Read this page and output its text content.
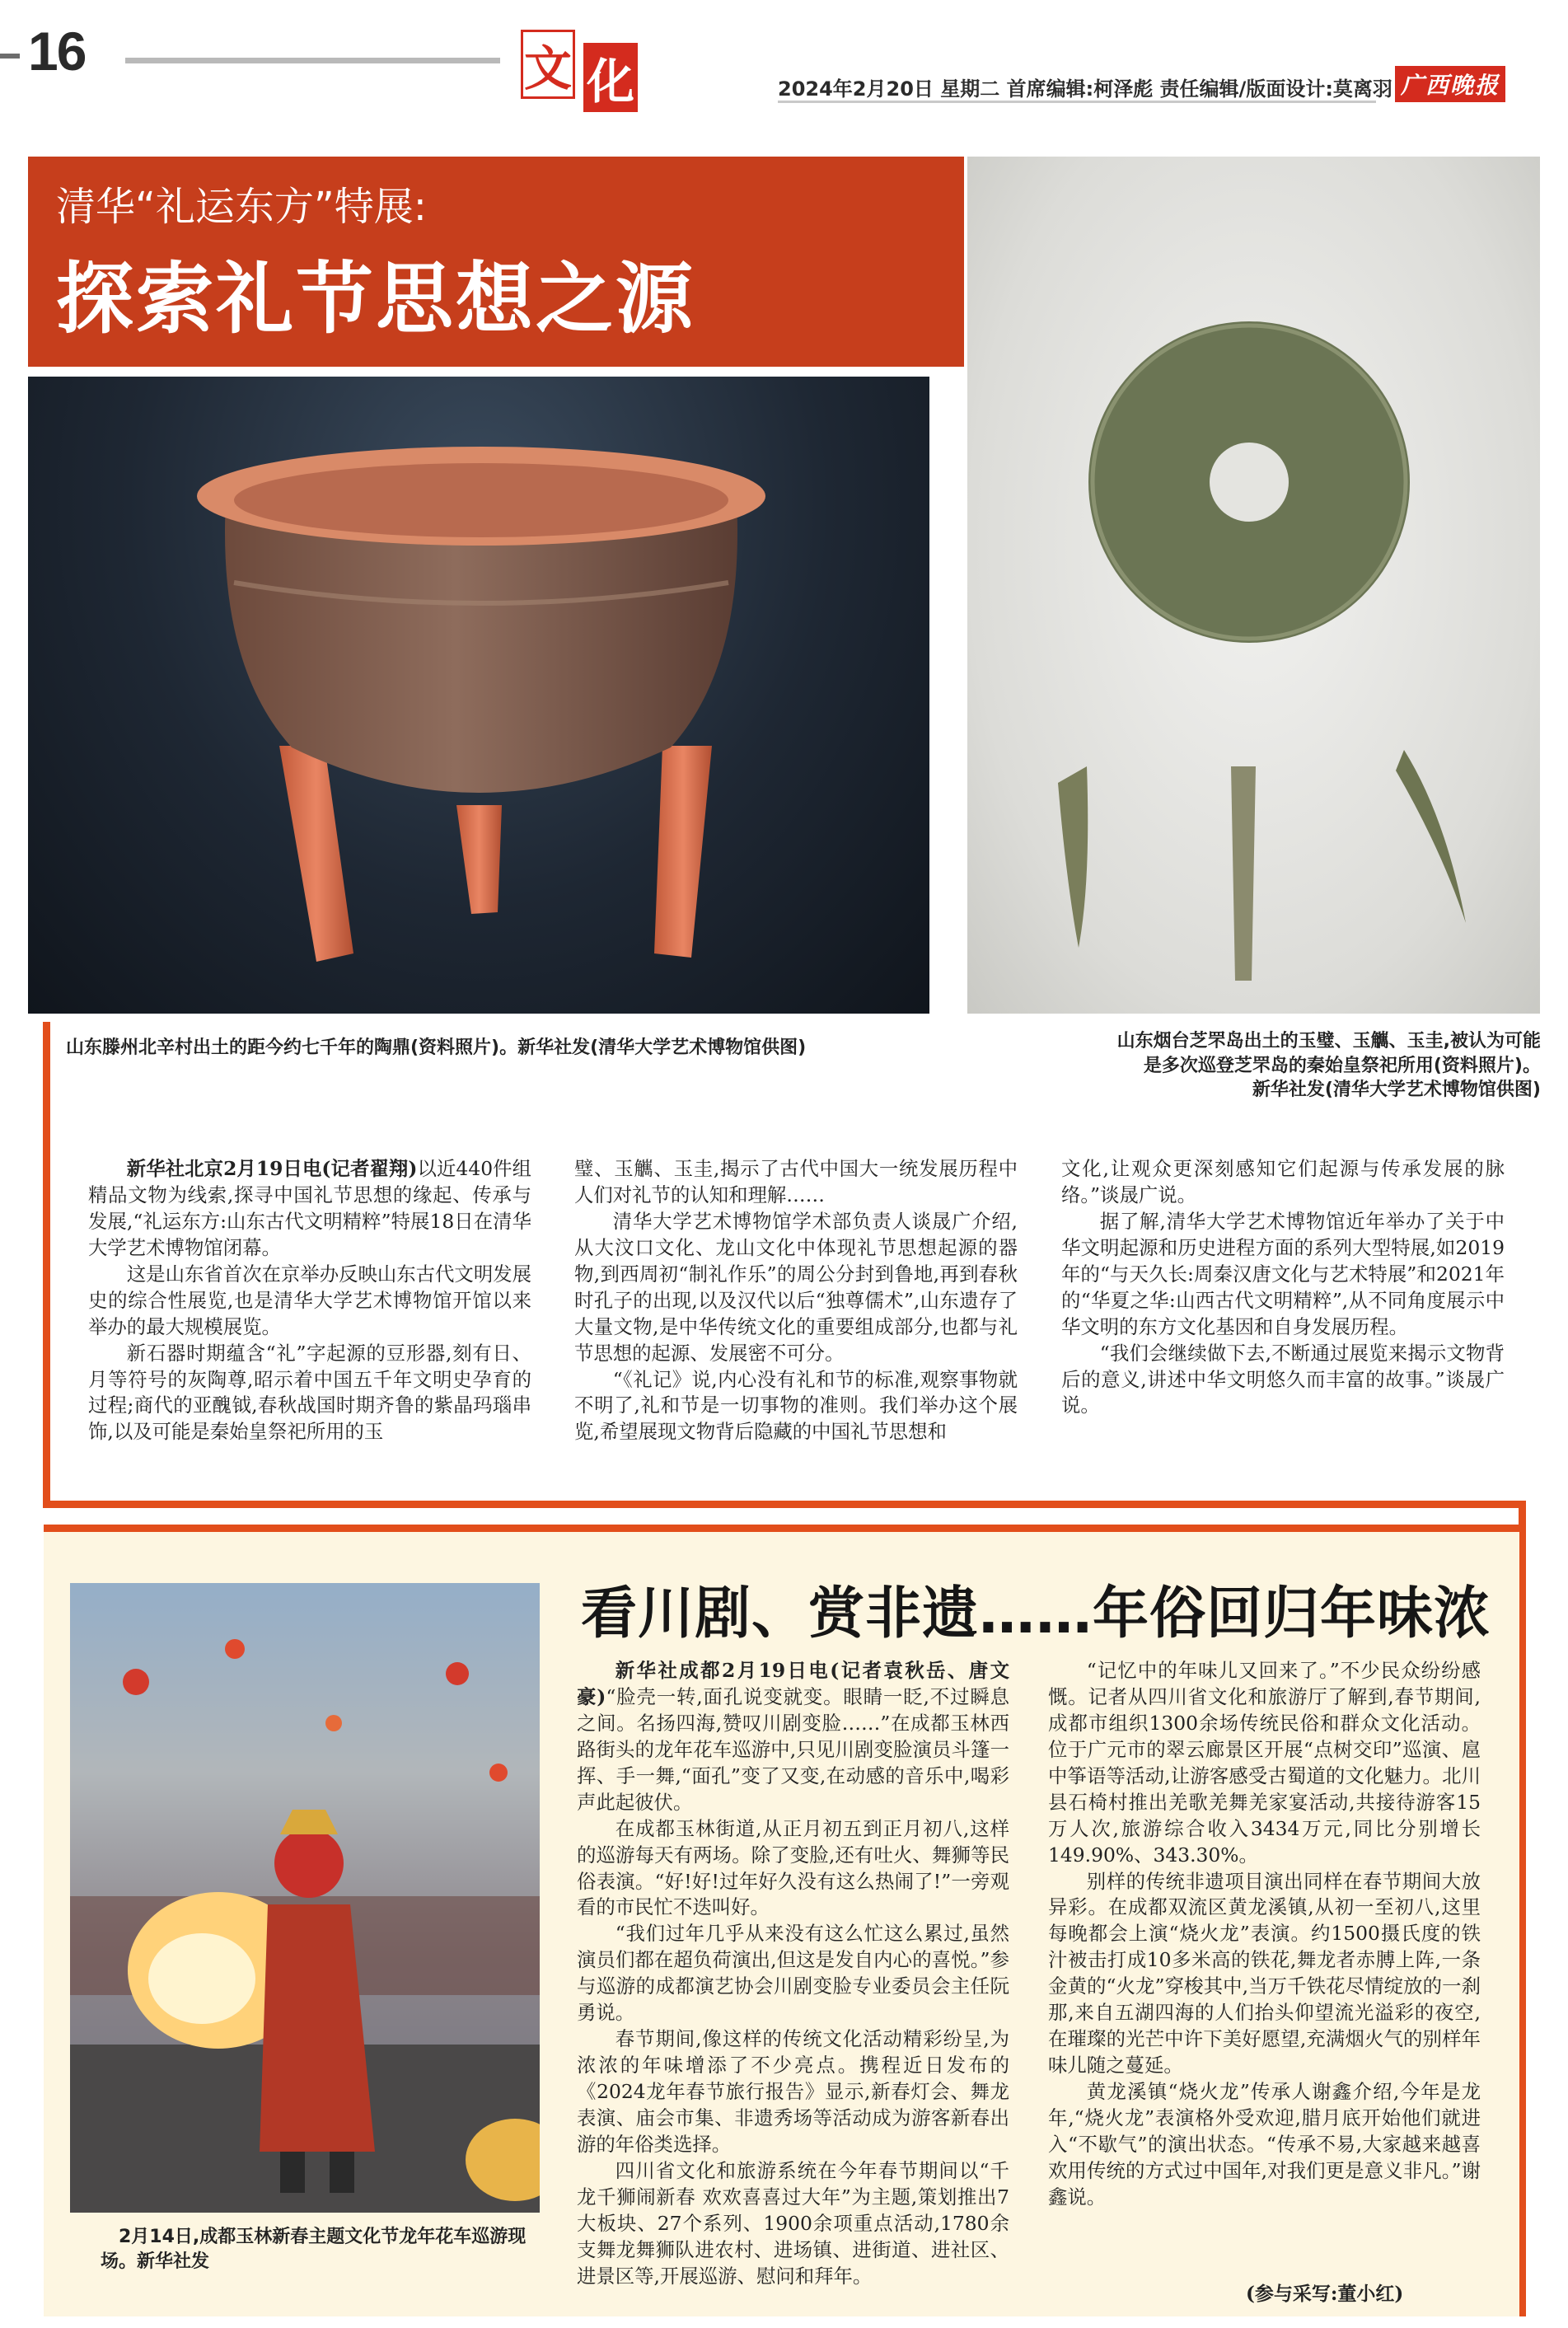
16	文 化	2024年2月20日 星期二 首席编辑:柯泽彪 责任编辑/版面设计:莫离羽 广西晚报
清华“礼运东方”特展:
探索礼节思想之源
山东滕州北辛村出土的距今约七千年的陶鼎(资料照片)。新华社发(清华大学艺术博物馆供图)	山东烟台芝罘岛出土的玉璧、玉觽、玉圭,被认为可能
是多次巡登芝罘岛的秦始皇祭祀所用(资料照片)。
新华社发(清华大学艺术博物馆供图)

新华社北京2月19日电(记者翟翔)以近440件组精品文物为线索,探寻中国礼节思想的缘起、传承与发展,“礼运东方:山东古代文明精粹”特展18日在清华大学艺术博物馆闭幕。

这是山东省首次在京举办反映山东古代文明发展史的综合性展览,也是清华大学艺术博物馆开馆以来举办的最大规模展览。

新石器时期蕴含“礼”字起源的豆形器,刻有日、月等符号的灰陶尊,昭示着中国五千年文明史孕育的过程;商代的亚醜钺,春秋战国时期齐鲁的紫晶玛瑙串饰,以及可能是秦始皇祭祀所用的玉

璧、玉觽、玉圭,揭示了古代中国大一统发展历程中人们对礼节的认知和理解……

清华大学艺术博物馆学术部负责人谈晟广介绍,从大汶口文化、龙山文化中体现礼节思想起源的器物,到西周初“制礼作乐”的周公分封到鲁地,再到春秋时孔子的出现,以及汉代以后“独尊儒术”,山东遗存了大量文物,是中华传统文化的重要组成部分,也都与礼节思想的起源、发展密不可分。

“《礼记》说,内心没有礼和节的标准,观察事物就不明了,礼和节是一切事物的准则。我们举办这个展览,希望展现文物背后隐藏的中国礼节思想和

文化,让观众更深刻感知它们起源与传承发展的脉络。”谈晟广说。

据了解,清华大学艺术博物馆近年举办了关于中华文明起源和历史进程方面的系列大型特展,如2019年的“与天久长:周秦汉唐文化与艺术特展”和2021年的“华夏之华:山西古代文明精粹”,从不同角度展示中华文明的东方文化基因和自身发展历程。

“我们会继续做下去,不断通过展览来揭示文物背后的意义,讲述中华文明悠久而丰富的故事。”谈晟广说。

看川剧、赏非遗……年俗回归年味浓
2月14日,成都玉林新春主题文化节龙年花车巡游现场。新华社发

新华社成都2月19日电(记者袁秋岳、唐文豪)“脸壳一转,面孔说变就变。眼睛一眨,不过瞬息之间。名扬四海,赞叹川剧变脸……”在成都玉林西路街头的龙年花车巡游中,只见川剧变脸演员斗篷一挥、手一舞,“面孔”变了又变,在动感的音乐中,喝彩声此起彼伏。

在成都玉林街道,从正月初五到正月初八,这样的巡游每天有两场。除了变脸,还有吐火、舞狮等民俗表演。“好!好!过年好久没有这么热闹了!”一旁观看的市民忙不迭叫好。

“我们过年几乎从来没有这么忙这么累过,虽然演员们都在超负荷演出,但这是发自内心的喜悦。”参与巡游的成都演艺协会川剧变脸专业委员会主任阮勇说。

春节期间,像这样的传统文化活动精彩纷呈,为浓浓的年味增添了不少亮点。携程近日发布的《2024龙年春节旅行报告》显示,新春灯会、舞龙表演、庙会市集、非遗秀场等活动成为游客新春出游的年俗类选择。

四川省文化和旅游系统在今年春节期间以“千龙千狮闹新春 欢欢喜喜过大年”为主题,策划推出7大板块、27个系列、1900余项重点活动,1780余支舞龙舞狮队进农村、进场镇、进街道、进社区、进景区等,开展巡游、慰问和拜年。

“记忆中的年味儿又回来了。”不少民众纷纷感慨。记者从四川省文化和旅游厅了解到,春节期间,成都市组织1300余场传统民俗和群众文化活动。位于广元市的翠云廊景区开展“点树交印”巡演、扈中筝语等活动,让游客感受古蜀道的文化魅力。北川县石椅村推出羌歌羌舞羌家宴活动,共接待游客15万人次,旅游综合收入3434万元,同比分别增长149.90%、343.30%。

别样的传统非遗项目演出同样在春节期间大放异彩。在成都双流区黄龙溪镇,从初一至初八,这里每晚都会上演“烧火龙”表演。约1500摄氏度的铁汁被击打成10多米高的铁花,舞龙者赤膊上阵,一条金黄的“火龙”穿梭其中,当万千铁花尽情绽放的一刹那,来自五湖四海的人们抬头仰望流光溢彩的夜空,在璀璨的光芒中许下美好愿望,充满烟火气的别样年味儿随之蔓延。

黄龙溪镇“烧火龙”传承人谢鑫介绍,今年是龙年,“烧火龙”表演格外受欢迎,腊月底开始他们就进入“不歇气”的演出状态。“传承不易,大家越来越喜欢用传统的方式过中国年,对我们更是意义非凡。”谢鑫说。

(参与采写:董小红)
